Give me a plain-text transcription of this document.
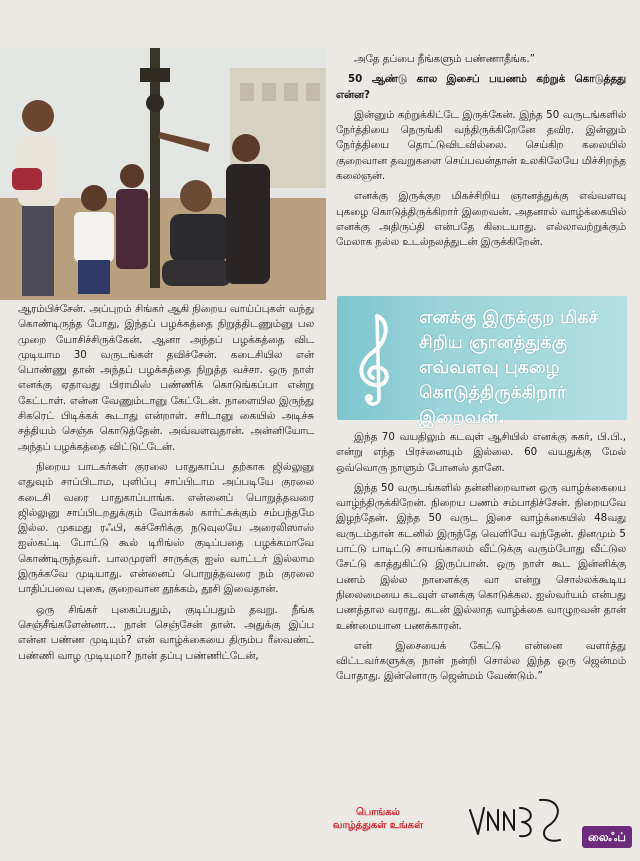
ஆரம்பிச்சேன். அப்புறம் சிங்கர் ஆகி நிறைய வாய்ப்புகள் வந்து கொண்டிருந்த போது, இந்தப் பழக்கத்தை நிறுத்திடணும்னு பல முறை யோசிச்சிருக்கேன். ஆனா அந்தப் பழக்கத்தை விட முடியாம 30 வருடங்கள் தவிச்சேன். கடைசியில என் பொண்ணு தான் அந்தப் பழக்கத்தை நிறுத்த வச்சா. ஒரு நாள் எனக்கு ஏதாவது பிராமிஸ் பண்ணிக் கொடுங்கப்பா என்று கேட்டாள். என்ன வேணும்டானு கேட்டேன். நாளையில இருந்து சிகரெட் பிடிக்கக் கூடாது என்றாள். சரிடானு கையில் அடிச்சு சத்தியம் செஞ்சு கொடுத்தேன். அவ்வளவுதான். அன்னியோட அந்தப் பழக்கத்தை விட்டுட்டேன்.

நிறைய பாடகர்கள் குரலை பாதுகாப்ப தற்காக ஜில்லுனு எதுவும் சாப்பிடாம, புளிப்பு சாப்பிடாம அப்படியே குரலை கடைசி வரை பாதுகாப்பாங்க. என்னைப் பொறுத்தவரை ஜில்லுனு சாப்பிடறதுக்கும் வோக்கல் கார்ட்சுக்கும் சம்பந்தமே இல்ல. முகமது ரஃபி, கச்சேரிக்கு நடுவுலயே அரைலிஸாஸ் ஐஸ்கட்டி போட்டு கூல் டிரிங்ஸ் குடிப்பதை பழக்கமாவே கொண்டிருந்தவர். பாலமுரளி சாருக்கு ஐஸ் வாட்டர் இல்லாம இருக்கவே முடியாது. என்னைப் பொறுத்தவரை நம் குரலை பாதிப்பவை புகை, குறைவான தூக்கம், தூசி இவைதான்.

ஒரு சிங்கர் புகைப்பதும், குடிப்பதும் தவறு. நீங்க செஞ்சீங்களேன்னா... நான் செஞ்சேன் தான். அதுக்கு இப்ப என்ன பண்ண முடியும்? என் வாழ்க்கையை திரும்ப ரீவைண்ட் பண்ணி வாழ முடியுமா? நான் தப்பு பண்ணிட்டேன்,

அதே தப்பை நீங்களும் பண்ணாதீங்க.”

50 ஆண்டு கால இசைப் பயணம் கற்றுக் கொடுத்தது என்ன?

இன்னும் கற்றுக்கிட்டே இருக்கேன். இந்த 50 வருடங்களில் நேர்த்தியை நெருங்கி வந்திருக்கிறேனே தவிர. இன்னும் நேர்த்தியை தொட்டுவிடவில்லை. செய்கிற கலையில் குறைவான தவறுகளை செய்பவன்தான் உலகிலேயே மிச்சிறந்த கலைஞன்.

எனக்கு இருக்குற மிகச்சிறிய ஞானத்துக்கு எவ்வளவு புகழை கொடுத்திருக்கிறார் இறைவன். அதனால் வாழ்க்கையில் எனக்கு அதிருப்தி என்பதே கிடையாது. எல்லாவற்றுக்கும் மேலாக நல்ல உடல்நலத்துடன் இருக்கிறேன்.

எனக்கு இருக்குற மிகச் சிறிய ஞானத்துக்கு எவ்வளவு புகழை கொடுத்திருக்கிறார் இறைவன்.

இந்த 70 வயதிலும் கடவுள் ஆசியில் எனக்கு சுகர், பி.பி., என்று எந்த பிரச்னையும் இல்லை. 60 வயதுக்கு மேல் ஒவ்வொரு நாளும் போனஸ் தானே.

இந்த 50 வருடங்களில் தன்னிறைவான ஒரு வாழ்க்கையை வாழ்ந்திருக்கிறேன். நிறைய பணம் சம்பாதிச்சேன். நிறையவே இழந்தேன். இந்த 50 வருட இசை வாழ்க்கையில் 48வது வருடம்தான் கடனில் இருந்தே வெளியே வந்தேன். தினமும் 5 பாட்டு பாடிட்டு சாயங்காலம் வீட்டுக்கு வரும்போது வீட்டுல சேட்டு காத்துகிட்டு இருப்பான். ஒரு நாள் கூட இன்னிக்கு பணம் இல்ல நாளைக்கு வா என்று சொல்லக்கூடிய நிலைமையை கடவுள் எனக்கு கொடுக்கல. ஐஸ்வர்யம் என்பது பணத்தால வராது. கடன் இல்லாத வாழ்க்கை வாழுறவன் தான் உண்மையான பணக்காரன்.

என் இசையைக் கேட்டு என்னை வளர்த்து விட்டவர்களுக்கு நான் நன்றி சொல்ல இந்த ஒரு ஜென்மம் போதாது. இன்னொரு ஜென்மம் வேண்டும்.”

பொங்கல் வாழ்த்துகள் உங்கள்
லைஃப்
